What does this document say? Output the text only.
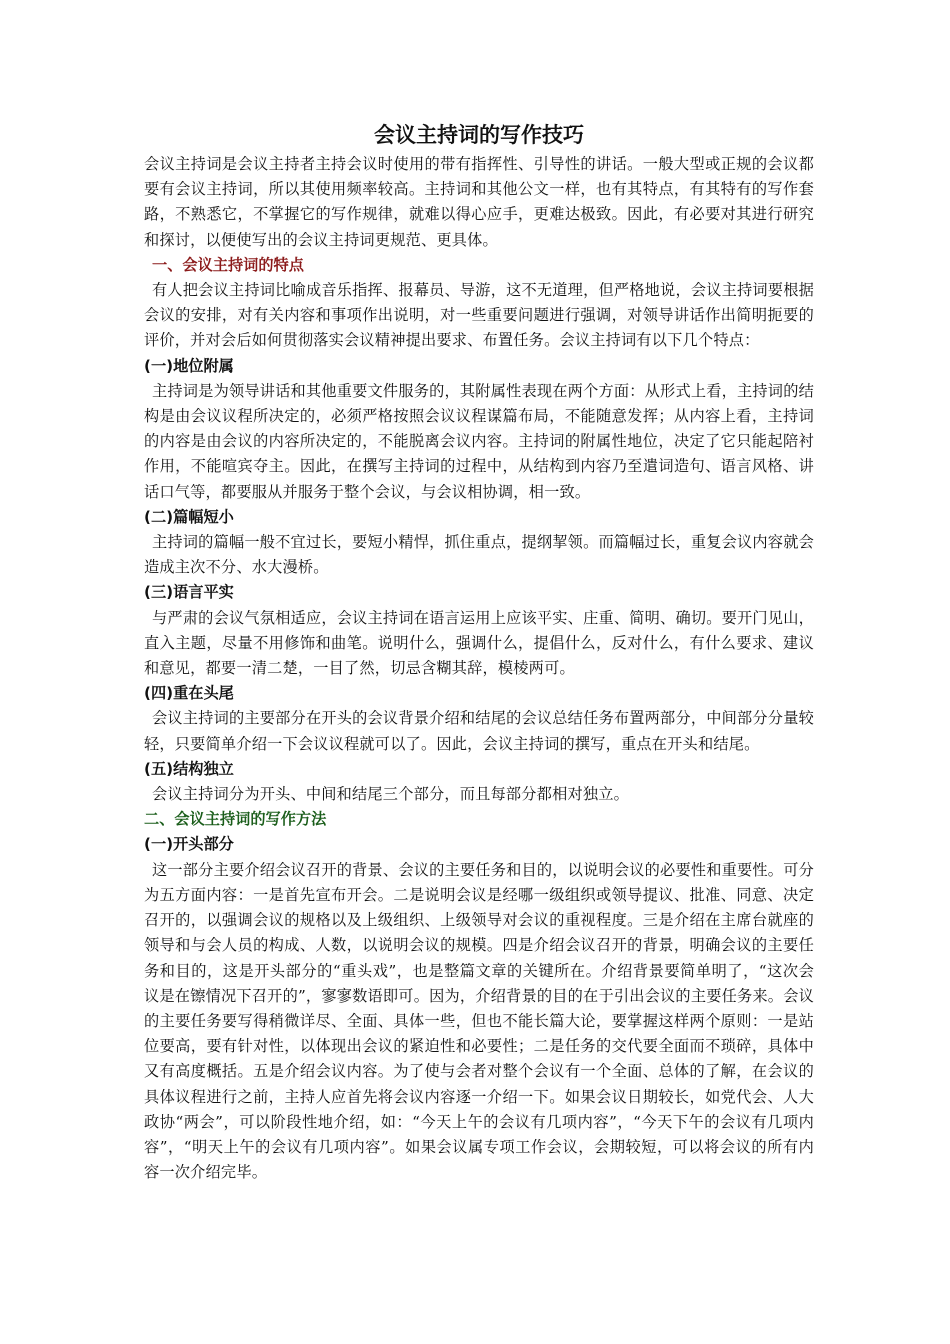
会议主持词的写作技巧

会议主持词是会议主持者主持会议时使用的带有指挥性、引导性的讲话。一般大型或正规的会议都要有会议主持词，所以其使用频率较高。主持词和其他公文一样，也有其特点，有其特有的写作套路，不熟悉它，不掌握它的写作规律，就难以得心应手，更难达极致。因此，有必要对其进行研究和探讨，以便使写出的会议主持词更规范、更具体。

一、会议主持词的特点

有人把会议主持词比喻成音乐指挥、报幕员、导游，这不无道理，但严格地说，会议主持词要根据会议的安排，对有关内容和事项作出说明，对一些重要问题进行强调，对领导讲话作出简明扼要的评价，并对会后如何贯彻落实会议精神提出要求、布置任务。会议主持词有以下几个特点：

(一)地位附属

主持词是为领导讲话和其他重要文件服务的，其附属性表现在两个方面：从形式上看，主持词的结构是由会议议程所决定的，必须严格按照会议议程谋篇布局，不能随意发挥；从内容上看，主持词的内容是由会议的内容所决定的，不能脱离会议内容。主持词的附属性地位，决定了它只能起陪衬作用，不能喧宾夺主。因此，在撰写主持词的过程中，从结构到内容乃至遣词造句、语言风格、讲话口气等，都要服从并服务于整个会议，与会议相协调，相一致。

(二)篇幅短小

主持词的篇幅一般不宜过长，要短小精悍，抓住重点，提纲挈领。而篇幅过长，重复会议内容就会造成主次不分、水大漫桥。

(三)语言平实

与严肃的会议气氛相适应，会议主持词在语言运用上应该平实、庄重、简明、确切。要开门见山，直入主题，尽量不用修饰和曲笔。说明什么，强调什么，提倡什么，反对什么，有什么要求、建议和意见，都要一清二楚，一目了然，切忌含糊其辞，模棱两可。

(四)重在头尾

会议主持词的主要部分在开头的会议背景介绍和结尾的会议总结任务布置两部分，中间部分分量较轻，只要简单介绍一下会议议程就可以了。因此，会议主持词的撰写，重点在开头和结尾。

(五)结构独立

会议主持词分为开头、中间和结尾三个部分，而且每部分都相对独立。

二、会议主持词的写作方法

(一)开头部分

这一部分主要介绍会议召开的背景、会议的主要任务和目的，以说明会议的必要性和重要性。可分为五方面内容：一是首先宣布开会。二是说明会议是经哪一级组织或领导提议、批准、同意、决定召开的，以强调会议的规格以及上级组织、上级领导对会议的重视程度。三是介绍在主席台就座的领导和与会人员的构成、人数，以说明会议的规模。四是介绍会议召开的背景，明确会议的主要任务和目的，这是开头部分的“重头戏”，也是整篇文章的关键所在。介绍背景要简单明了，“这次会议是在镲情况下召开的”，寥寥数语即可。因为，介绍背景的目的在于引出会议的主要任务来。会议的主要任务要写得稍微详尽、全面、具体一些，但也不能长篇大论，要掌握这样两个原则：一是站位要高，要有针对性，以体现出会议的紧迫性和必要性；二是任务的交代要全面而不琐碎，具体中又有高度概括。五是介绍会议内容。为了使与会者对整个会议有一个全面、总体的了解，在会议的具体议程进行之前，主持人应首先将会议内容逐一介绍一下。如果会议日期较长，如党代会、人大政协“两会”，可以阶段性地介绍，如：“今天上午的会议有几项内容”，“今天下午的会议有几项内容”，“明天上午的会议有几项内容”。如果会议属专项工作会议，会期较短，可以将会议的所有内容一次介绍完毕。
